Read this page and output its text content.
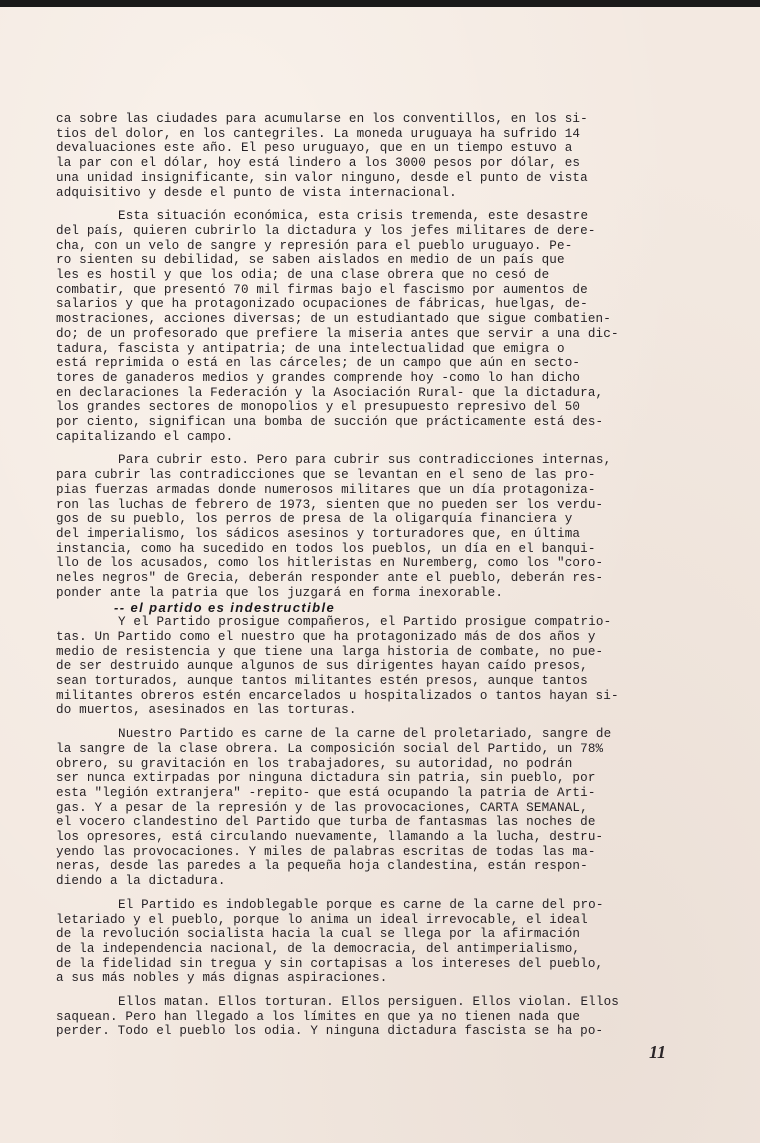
ca sobre las ciudades para acumularse en los conventillos, en los si-
tios del dolor, en los cantegriles. La moneda uruguaya ha sufrido 14
devaluaciones este año. El peso uruguayo, que en un tiempo estuvo a
la par con el dólar, hoy está lindero a los 3000 pesos por dólar, es
una unidad insignificante, sin valor ninguno, desde el punto de vista
adquisitivo y desde el punto de vista internacional.
Esta situación económica, esta crisis tremenda, este desastre
del país, quieren cubrirlo la dictadura y los jefes militares de dere-
cha, con un velo de sangre y represión para el pueblo uruguayo. Pe-
ro sienten su debilidad, se saben aislados en medio de un país que
les es hostil y que los odia; de una clase obrera que no cesó de
combatir, que presentó 70 mil firmas bajo el fascismo por aumentos de
salarios y que ha protagonizado ocupaciones de fábricas, huelgas, de-
mostraciones, acciones diversas; de un estudiantado que sigue combatien-
do; de un profesorado que prefiere la miseria antes que servir a una dic-
tadura, fascista y antipatria; de una intelectualidad que emigra o
está reprimida o está en las cárceles; de un campo que aún en secto-
tores de ganaderos medios y grandes comprende hoy -como lo han dicho
en declaraciones la Federación y la Asociación Rural- que la dictadura,
los grandes sectores de monopolios y el presupuesto represivo del 50
por ciento, significan una bomba de succión que prácticamente está des-
capitalizando el campo.
Para cubrir esto. Pero para cubrir sus contradicciones internas,
para cubrir las contradicciones que se levantan en el seno de las pro-
pias fuerzas armadas donde numerosos militares que un día protagoniza-
ron las luchas de febrero de 1973, sienten que no pueden ser los verdu-
gos de su pueblo, los perros de presa de la oligarquía financiera y
del imperialismo, los sádicos asesinos y torturadores que, en última
instancia, como ha sucedido en todos los pueblos, un día en el banqui-
llo de los acusados, como los hitleristas en Nuremberg, como los "coro-
neles negros" de Grecia, deberán responder ante el pueblo, deberán res-
ponder ante la patria que los juzgará en forma inexorable.
-- el partido es indestructible
Y el Partido prosigue compañeros, el Partido prosigue compatrio-
tas. Un Partido como el nuestro que ha protagonizado más de dos años y
medio de resistencia y que tiene una larga historia de combate, no pue-
de ser destruido aunque algunos de sus dirigentes hayan caído presos,
sean torturados, aunque tantos militantes estén presos, aunque tantos
militantes obreros estén encarcelados u hospitalizados o tantos hayan si-
do muertos, asesinados en las torturas.
Nuestro Partido es carne de la carne del proletariado, sangre de
la sangre de la clase obrera. La composición social del Partido, un 78%
obrero, su gravitación en los trabajadores, su autoridad, no podrán
ser nunca extirpadas por ninguna dictadura sin patria, sin pueblo, por
esta "legión extranjera" -repito- que está ocupando la patria de Arti-
gas. Y a pesar de la represión y de las provocaciones, CARTA SEMANAL,
el vocero clandestino del Partido que turba de fantasmas las noches de
los opresores, está circulando nuevamente, llamando a la lucha, destru-
yendo las provocaciones. Y miles de palabras escritas de todas las ma-
neras, desde las paredes a la pequeña hoja clandestina, están respon-
diendo a la dictadura.
El Partido es indoblegable porque es carne de la carne del pro-
letariado y el pueblo, porque lo anima un ideal irrevocable, el ideal
de la revolución socialista hacia la cual se llega por la afirmación
de la independencia nacional, de la democracia, del antimperialismo,
de la fidelidad sin tregua y sin cortapisas a los intereses del pueblo,
a sus más nobles y más dignas aspiraciones.
Ellos matan. Ellos torturan. Ellos persiguen. Ellos violan. Ellos
saquean. Pero han llegado a los límites en que ya no tienen nada que
perder. Todo el pueblo los odia. Y ninguna dictadura fascista se ha po-
11
